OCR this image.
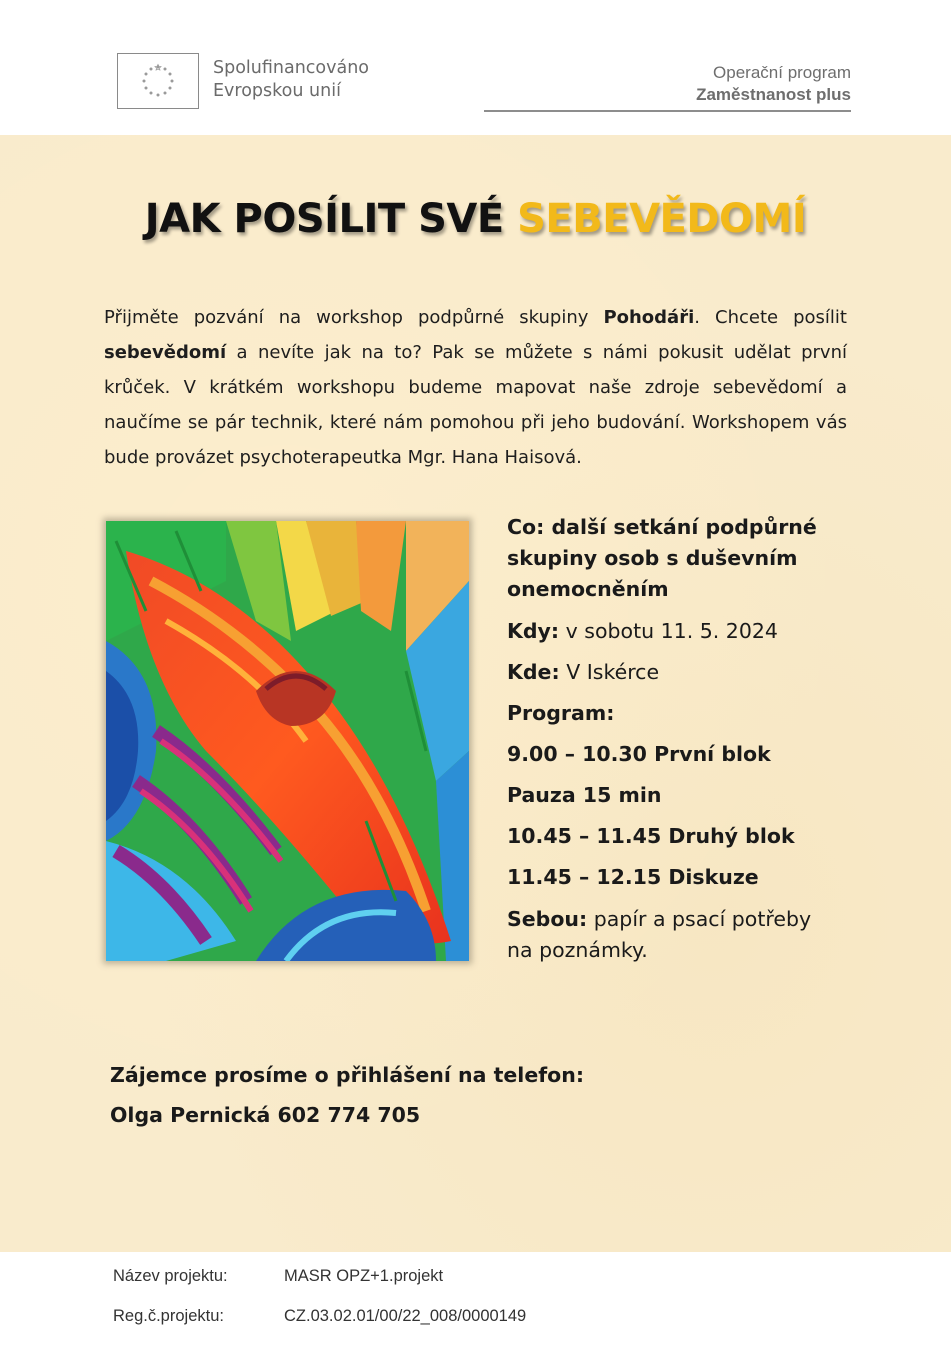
Spolufinancováno
Evropskou unií
Operační program
Zaměstnanost plus
JAK POSÍLIT SVÉ SEBEVĚDOMÍ
Přijměte pozvání na workshop podpůrné skupiny Pohodáři. Chcete posílit sebevědomí a nevíte jak na to? Pak se můžete s námi pokusit udělat první krůček. V krátkém workshopu budeme mapovat naše zdroje sebevědomí a naučíme se pár technik, které nám pomohou při jeho budování. Workshopem vás bude provázet psychoterapeutka Mgr. Hana Haisová.
Co: další setkání podpůrné skupiny osob s duševním onemocněním
Kdy: v sobotu 11. 5. 2024
Kde: V Iskérce
Program:
9.00 – 10.30 První blok
Pauza 15 min
10.45 – 11.45 Druhý blok
11.45 – 12.15 Diskuze
Sebou: papír a psací potřeby na poznámky.
Zájemce prosíme o přihlášení na telefon:
Olga Pernická 602 774 705
Název projektu:	MASR OPZ+1.projekt
Reg.č.projektu:	CZ.03.02.01/00/22_008/0000149
